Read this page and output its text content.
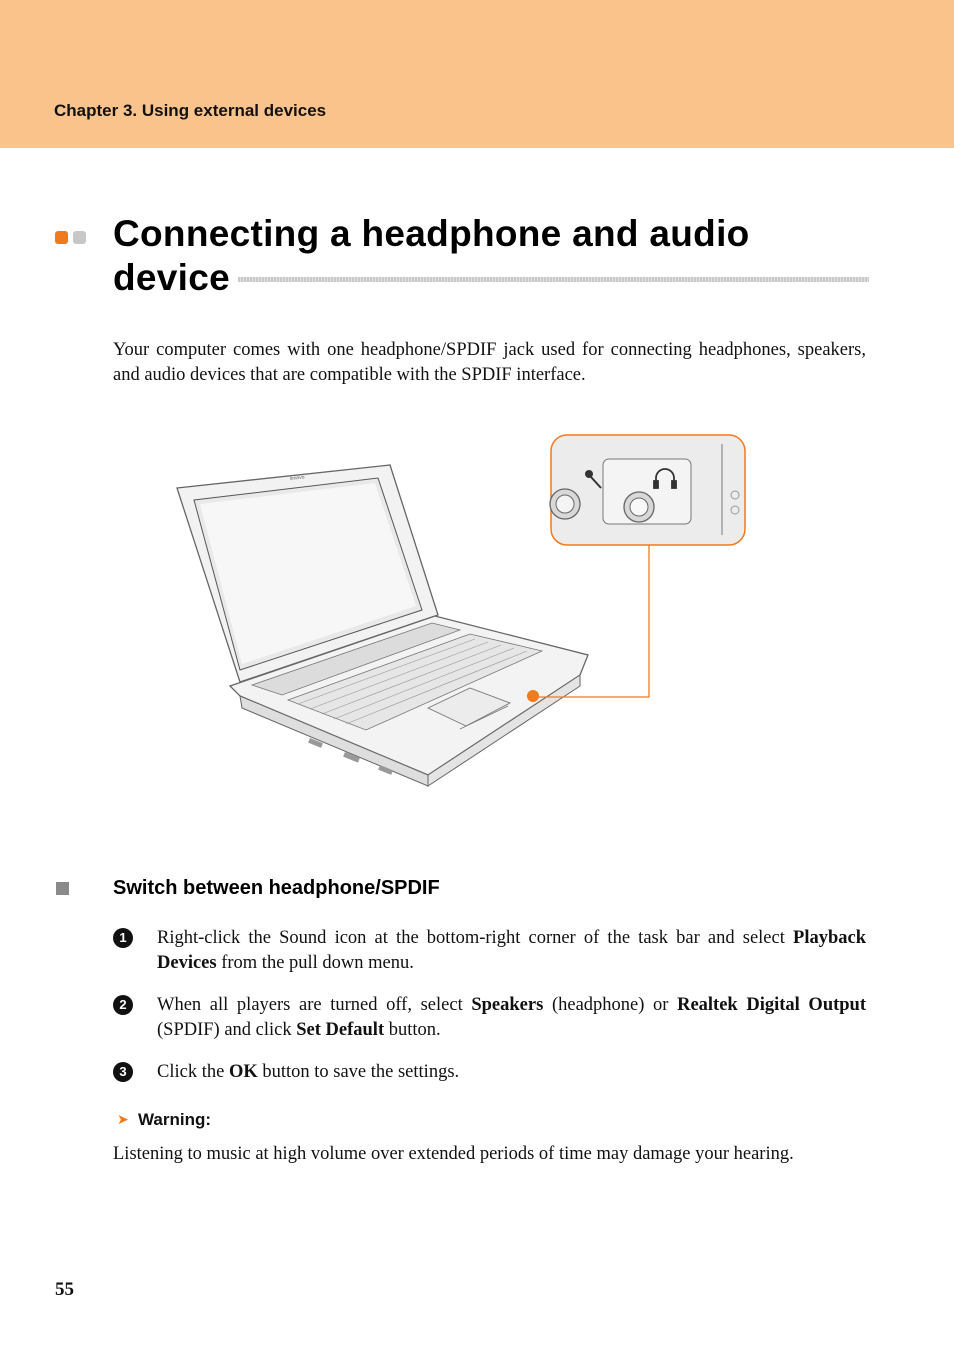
Chapter 3. Using external devices
Connecting a headphone and audio device
Your computer comes with one headphone/SPDIF jack used for connecting headphones, speakers, and audio devices that are compatible with the SPDIF interface.
lenovo
Switch between headphone/SPDIF
1	Right-click the Sound icon at the bottom-right corner of the task bar and select Playback Devices from the pull down menu.
2	When all players are turned off, select Speakers (headphone) or Realtek Digital Output (SPDIF) and click Set Default button.
3	Click the OK button to save the settings.
➤ Warning:
Listening to music at high volume over extended periods of time may damage your hearing.
55
